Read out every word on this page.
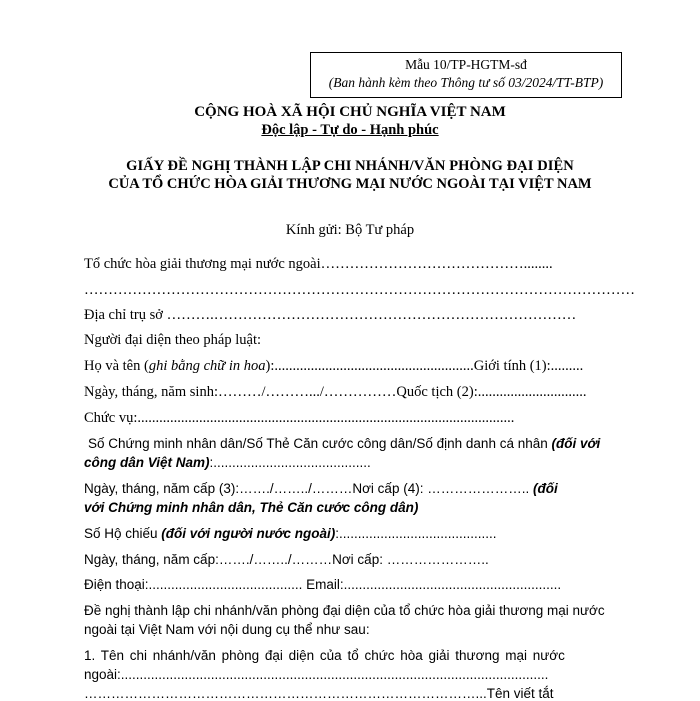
Mẫu 10/TP-HGTM-sđ
(Ban hành kèm theo Thông tư số 03/2024/TT-BTP)
CỘNG HOÀ XÃ HỘI CHỦ NGHĨA VIỆT NAM
Độc lập - Tự do - Hạnh phúc
GIẤY ĐỀ NGHỊ THÀNH LẬP CHI NHÁNH/VĂN PHÒNG ĐẠI DIỆN
CỦA TỔ CHỨC HÒA GIẢI THƯƠNG MẠI NƯỚC NGOÀI TẠI VIỆT NAM
Kính gửi: Bộ Tư pháp
Tổ chức hòa giải thương mại nước ngoài……………………………………........
……………………………………………………………………………………………………
Địa chỉ trụ sở ……….…………………………………………………………………
Người đại diện theo pháp luật:
Họ và tên (ghi bằng chữ in hoa):.......................................................Giới tính (1):.........
Ngày, tháng, năm sinh:………/……….../……………Quốc tịch (2):..............................
Chức vụ:........................................................................................................
Số Chứng minh nhân dân/Số Thẻ Căn cước công dân/Số định danh cá nhân (đối với
công dân Việt Nam):..........................................
Ngày, tháng, năm cấp (3):……./……../………Nơi cấp (4): ………………….. (đối
với Chứng minh nhân dân, Thẻ Căn cước công dân)
Số Hộ chiếu (đối với người nước ngoài):..........................................
Ngày, tháng, năm cấp:……./……../………Nơi cấp: …………………..
Điện thoại:......................................... Email:..........................................................
Đề nghị thành lập chi nhánh/văn phòng đại diện của tổ chức hòa giải thương mại nước
ngoài tại Việt Nam với nội dung cụ thể như sau:
1. Tên chi nhánh/văn phòng đại diện của tổ chức hòa giải thương mại nước
ngoài:..................................................................................................................
……………………………………………………………………………...Tên viết tắt
